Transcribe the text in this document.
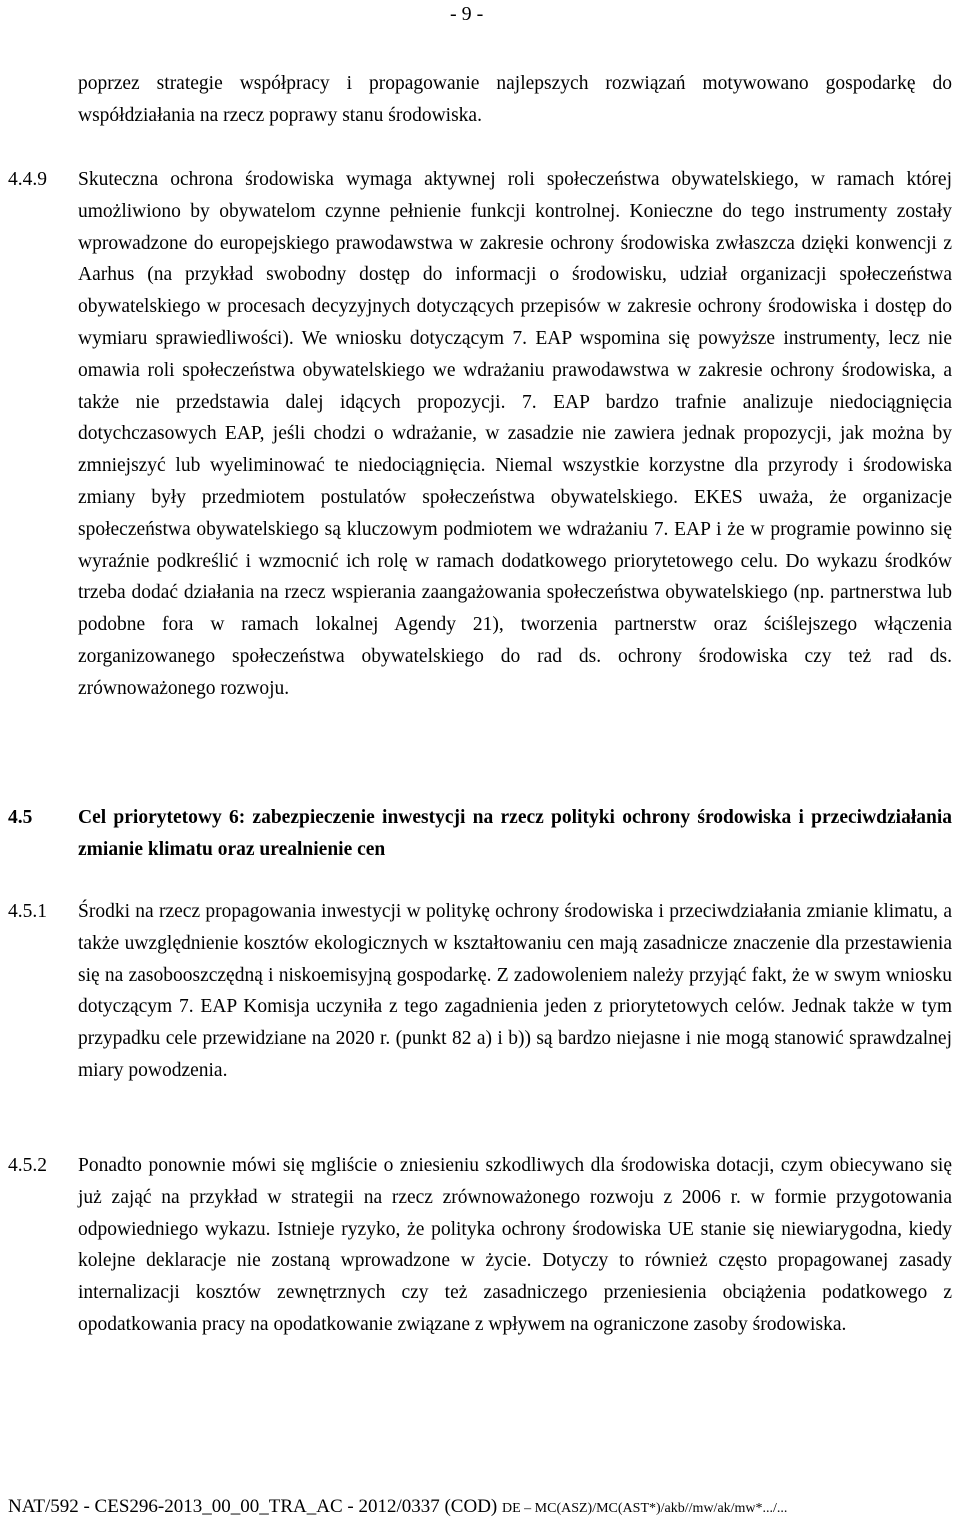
- 9 -
poprzez strategie współpracy i propagowanie najlepszych rozwiązań motywowano gospodarkę do współdziałania na rzecz poprawy stanu środowiska.
4.4.9 Skuteczna ochrona środowiska wymaga aktywnej roli społeczeństwa obywatelskiego, w ramach której umożliwiono by obywatelom czynne pełnienie funkcji kontrolnej. Konieczne do tego instrumenty zostały wprowadzone do europejskiego prawodawstwa w zakresie ochrony środowiska zwłaszcza dzięki konwencji z Aarhus (na przykład swobodny dostęp do informacji o środowisku, udział organizacji społeczeństwa obywatelskiego w procesach decyzyjnych dotyczących przepisów w zakresie ochrony środowiska i dostęp do wymiaru sprawiedliwości). We wniosku dotyczącym 7. EAP wspomina się powyższe instrumenty, lecz nie omawia roli społeczeństwa obywatelskiego we wdrażaniu prawodawstwa w zakresie ochrony środowiska, a także nie przedstawia dalej idących propozycji. 7. EAP bardzo trafnie analizuje niedociągnięcia dotychczasowych EAP, jeśli chodzi o wdrażanie, w zasadzie nie zawiera jednak propozycji, jak można by zmniejszyć lub wyeliminować te niedociągnięcia. Niemal wszystkie korzystne dla przyrody i środowiska zmiany były przedmiotem postulatów społeczeństwa obywatelskiego. EKES uważa, że organizacje społeczeństwa obywatelskiego są kluczowym podmiotem we wdrażaniu 7. EAP i że w programie powinno się wyraźnie podkreślić i wzmocnić ich rolę w ramach dodatkowego priorytetowego celu. Do wykazu środków trzeba dodać działania na rzecz wspierania zaangażowania społeczeństwa obywatelskiego (np. partnerstwa lub podobne fora w ramach lokalnej Agendy 21), tworzenia partnerstw oraz ściślejszego włączenia zorganizowanego społeczeństwa obywatelskiego do rad ds. ochrony środowiska czy też rad ds. zrównoważonego rozwoju.
4.5 Cel priorytetowy 6: zabezpieczenie inwestycji na rzecz polityki ochrony środowiska i przeciwdziałania zmianie klimatu oraz urealnienie cen
4.5.1 Środki na rzecz propagowania inwestycji w politykę ochrony środowiska i przeciwdziałania zmianie klimatu, a także uwzględnienie kosztów ekologicznych w kształtowaniu cen mają zasadnicze znaczenie dla przestawienia się na zasobooszczędną i niskoemisyjną gospodarkę. Z zadowoleniem należy przyjąć fakt, że w swym wniosku dotyczącym 7. EAP Komisja uczyniła z tego zagadnienia jeden z priorytetowych celów. Jednak także w tym przypadku cele przewidziane na 2020 r. (punkt 82 a) i b)) są bardzo niejasne i nie mogą stanowić sprawdzalnej miary powodzenia.
4.5.2 Ponadto ponownie mówi się mgliście o zniesieniu szkodliwych dla środowiska dotacji, czym obiecywano się już zająć na przykład w strategii na rzecz zrównoważonego rozwoju z 2006 r. w formie przygotowania odpowiedniego wykazu. Istnieje ryzyko, że polityka ochrony środowiska UE stanie się niewiarygodna, kiedy kolejne deklaracje nie zostaną wprowadzone w życie. Dotyczy to również często propagowanej zasady internalizacji kosztów zewnętrznych czy też zasadniczego przeniesienia obciążenia podatkowego z opodatkowania pracy na opodatkowanie związane z wpływem na ograniczone zasoby środowiska.
NAT/592 - CES296-2013_00_00_TRA_AC - 2012/0337 (COD) DE – MC(ASZ)/MC(AST*)/akb//mw/ak/mw*.../...
